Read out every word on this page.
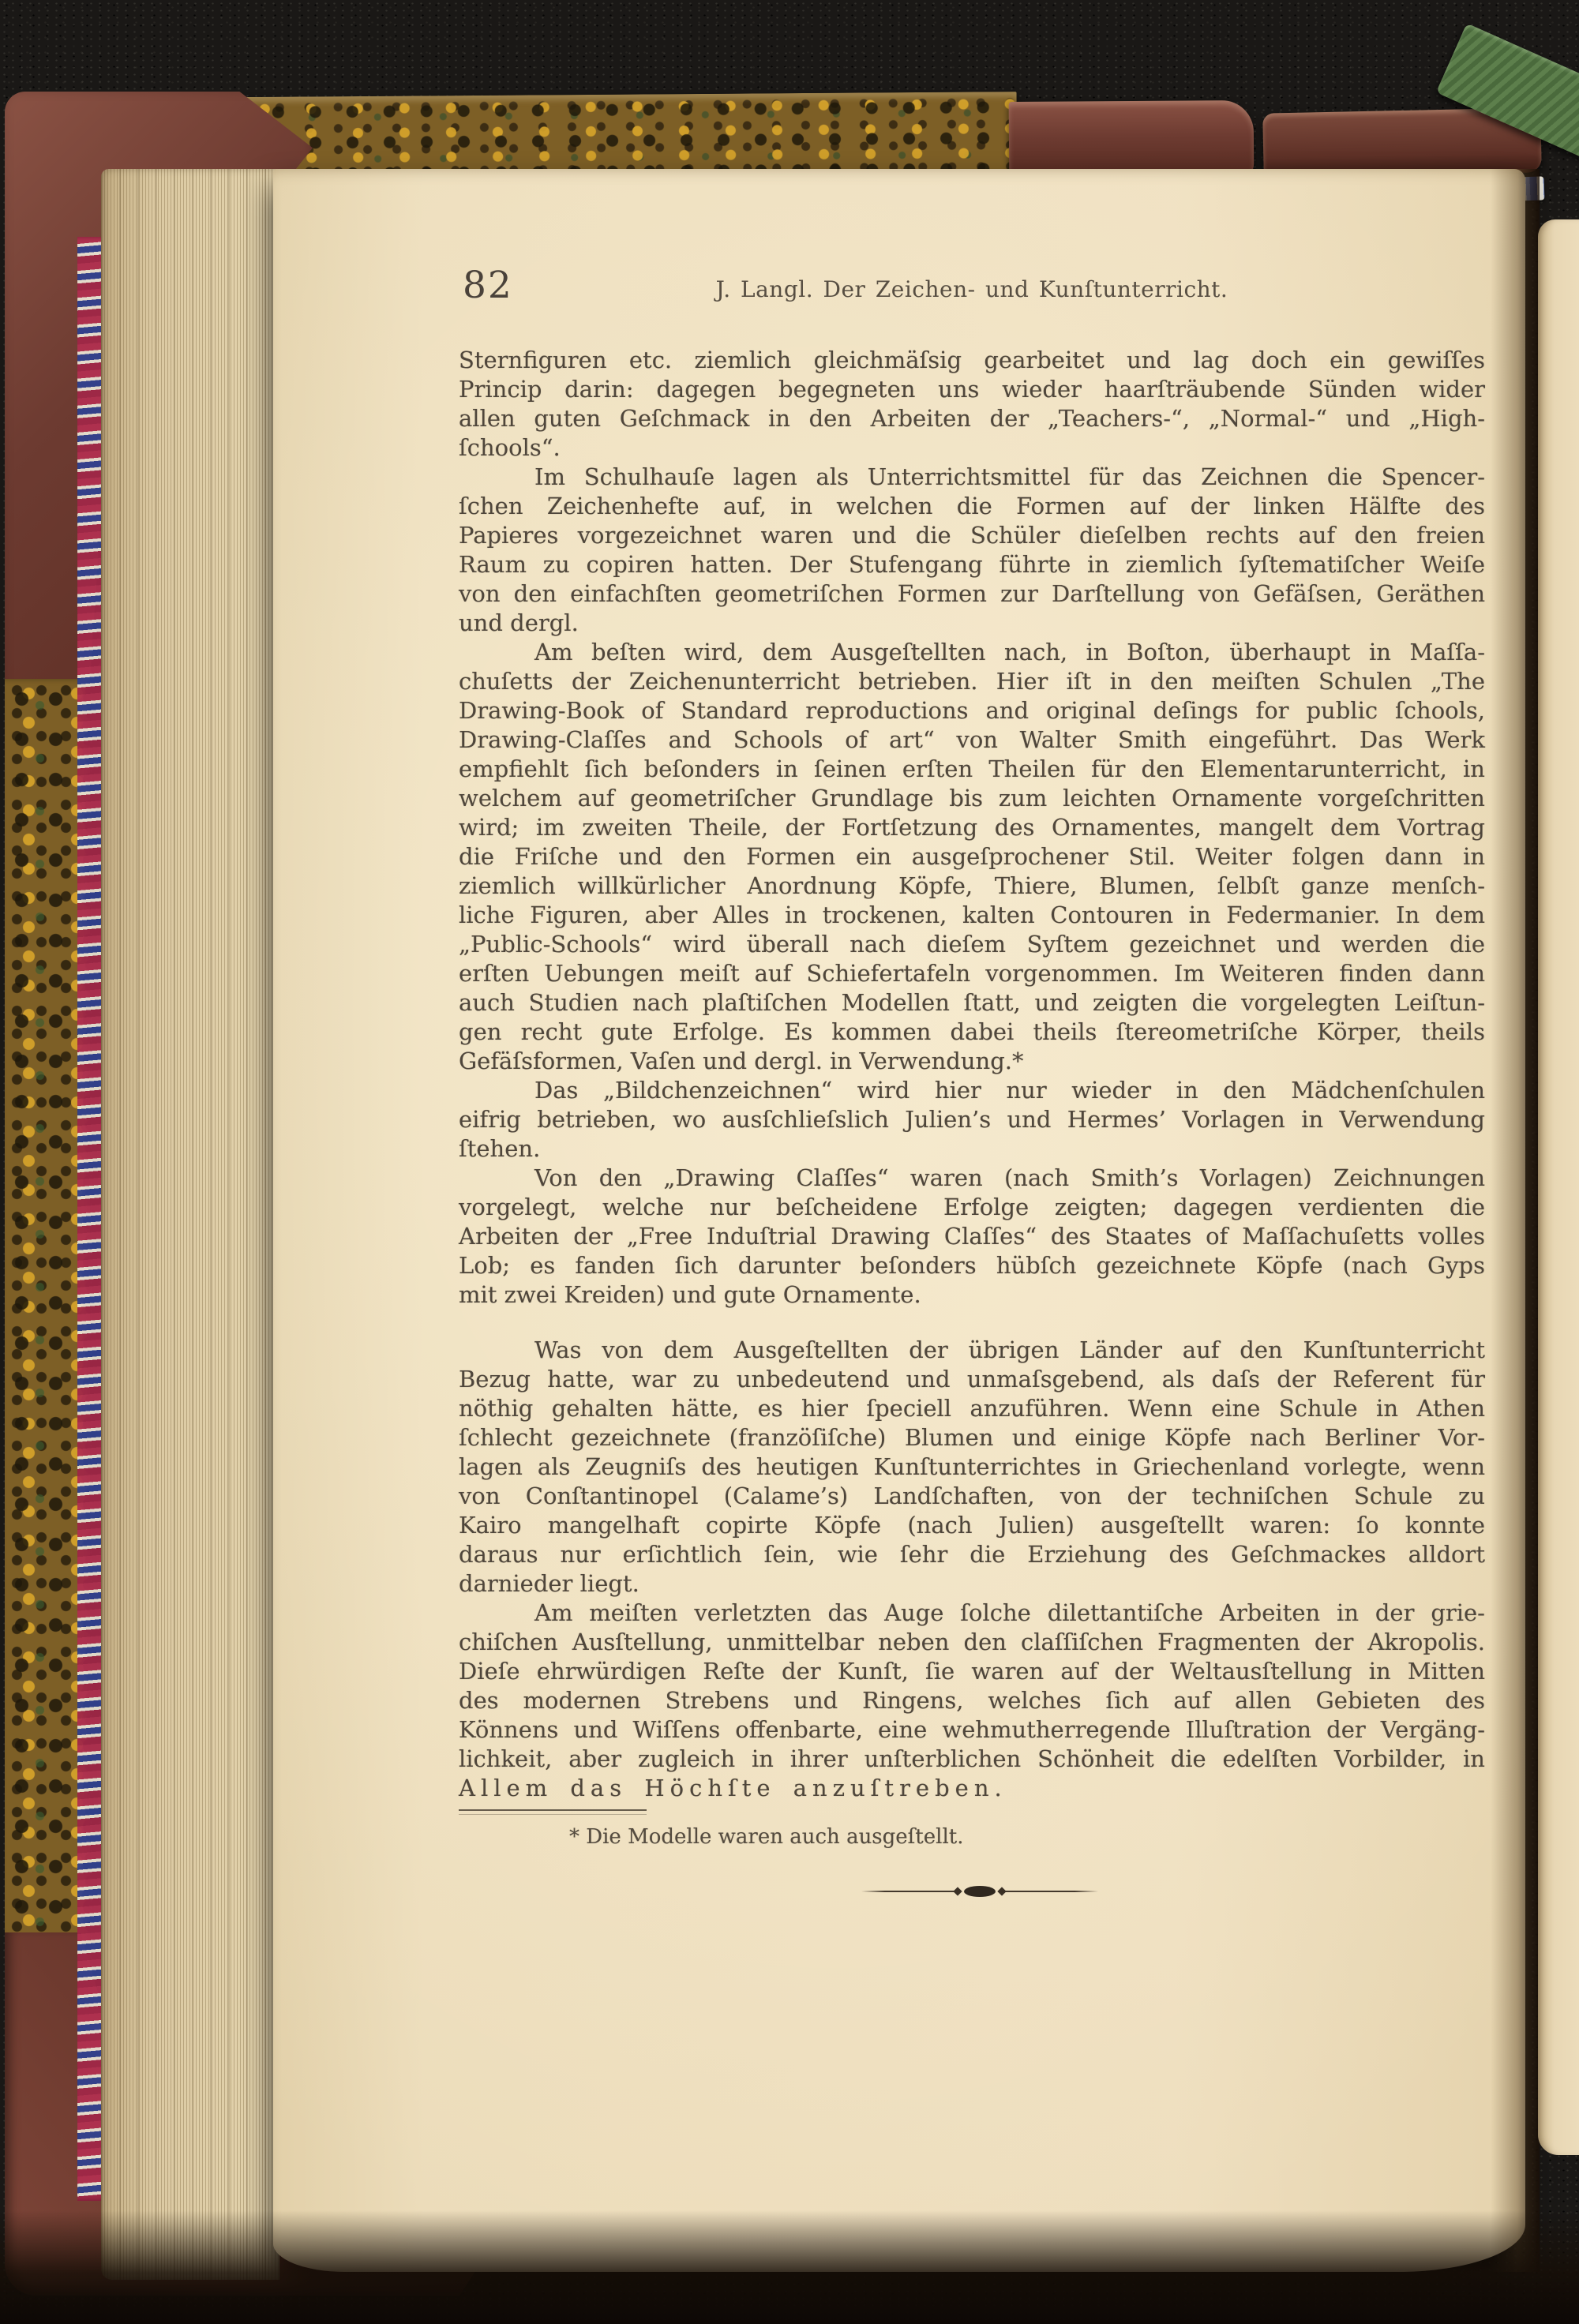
82	J. Langl. Der Zeichen- und Kunſtunterricht.
Sternfiguren etc. ziemlich gleichmäſsig gearbeitet und lag doch ein gewiſſes
Princip darin: dagegen begegneten uns wieder haarſträubende Sünden wider
allen guten Geſchmack in den Arbeiten der „Teachers-“, „Normal-“ und „High-
ſchools“.
Im Schulhauſe lagen als Unterrichtsmittel für das Zeichnen die Spencer-
ſchen Zeichenhefte auf, in welchen die Formen auf der linken Hälfte des
Papieres vorgezeichnet waren und die Schüler dieſelben rechts auf den freien
Raum zu copiren hatten. Der Stufengang führte in ziemlich ſyſtematiſcher Weiſe
von den einfachſten geometriſchen Formen zur Darſtellung von Gefäſsen, Geräthen
und dergl.
Am beſten wird, dem Ausgeſtellten nach, in Boſton, überhaupt in Maſſa-
chuſetts der Zeichenunterricht betrieben. Hier iſt in den meiſten Schulen „The
Drawing-Book of Standard reproductions and original deſings for public ſchools,
Drawing-Claſſes and Schools of art“ von Walter Smith eingeführt. Das Werk
empfiehlt ſich beſonders in ſeinen erſten Theilen für den Elementarunterricht, in
welchem auf geometriſcher Grundlage bis zum leichten Ornamente vorgeſchritten
wird; im zweiten Theile, der Fortſetzung des Ornamentes, mangelt dem Vortrag
die Friſche und den Formen ein ausgeſprochener Stil. Weiter folgen dann in
ziemlich willkürlicher Anordnung Köpfe, Thiere, Blumen, ſelbſt ganze menſch-
liche Figuren, aber Alles in trockenen, kalten Contouren in Federmanier. In dem
„Public-Schools“ wird überall nach dieſem Syſtem gezeichnet und werden die
erſten Uebungen meiſt auf Schiefertafeln vorgenommen. Im Weiteren finden dann
auch Studien nach plaſtiſchen Modellen ſtatt, und zeigten die vorgelegten Leiſtun-
gen recht gute Erfolge. Es kommen dabei theils ſtereometriſche Körper, theils
Gefäſsformen, Vaſen und dergl. in Verwendung.*
Das „Bildchenzeichnen“ wird hier nur wieder in den Mädchenſchulen
eifrig betrieben, wo ausſchlieſslich Julien’s und Hermes’ Vorlagen in Verwendung
ſtehen.
Von den „Drawing Claſſes“ waren (nach Smith’s Vorlagen) Zeichnungen
vorgelegt, welche nur beſcheidene Erfolge zeigten; dagegen verdienten die
Arbeiten der „Free Induſtrial Drawing Claſſes“ des Staates of Maſſachuſetts volles
Lob; es fanden ſich darunter beſonders hübſch gezeichnete Köpfe (nach Gyps
mit zwei Kreiden) und gute Ornamente.
Was von dem Ausgeſtellten der übrigen Länder auf den Kunſtunterricht
Bezug hatte, war zu unbedeutend und unmaſsgebend, als daſs der Referent für
nöthig gehalten hätte, es hier ſpeciell anzuführen. Wenn eine Schule in Athen
ſchlecht gezeichnete (franzöſiſche) Blumen und einige Köpfe nach Berliner Vor-
lagen als Zeugniſs des heutigen Kunſtunterrichtes in Griechenland vorlegte, wenn
von Conſtantinopel (Calame’s) Landſchaften, von der techniſchen Schule zu
Kairo mangelhaft copirte Köpfe (nach Julien) ausgeſtellt waren: ſo konnte
daraus nur erſichtlich ſein, wie ſehr die Erziehung des Geſchmackes alldort
darnieder liegt.
Am meiſten verletzten das Auge ſolche dilettantiſche Arbeiten in der grie-
chiſchen Ausſtellung, unmittelbar neben den claſſiſchen Fragmenten der Akropolis.
Dieſe ehrwürdigen Reſte der Kunſt, ſie waren auf der Weltausſtellung in Mitten
des modernen Strebens und Ringens, welches ſich auf allen Gebieten des
Könnens und Wiſſens offenbarte, eine wehmutherregende Illuſtration der Vergäng-
lichkeit, aber zugleich in ihrer unſterblichen Schönheit die edelſten Vorbilder, in
Allem das Höchſte anzuſtreben.
* Die Modelle waren auch ausgeſtellt.
